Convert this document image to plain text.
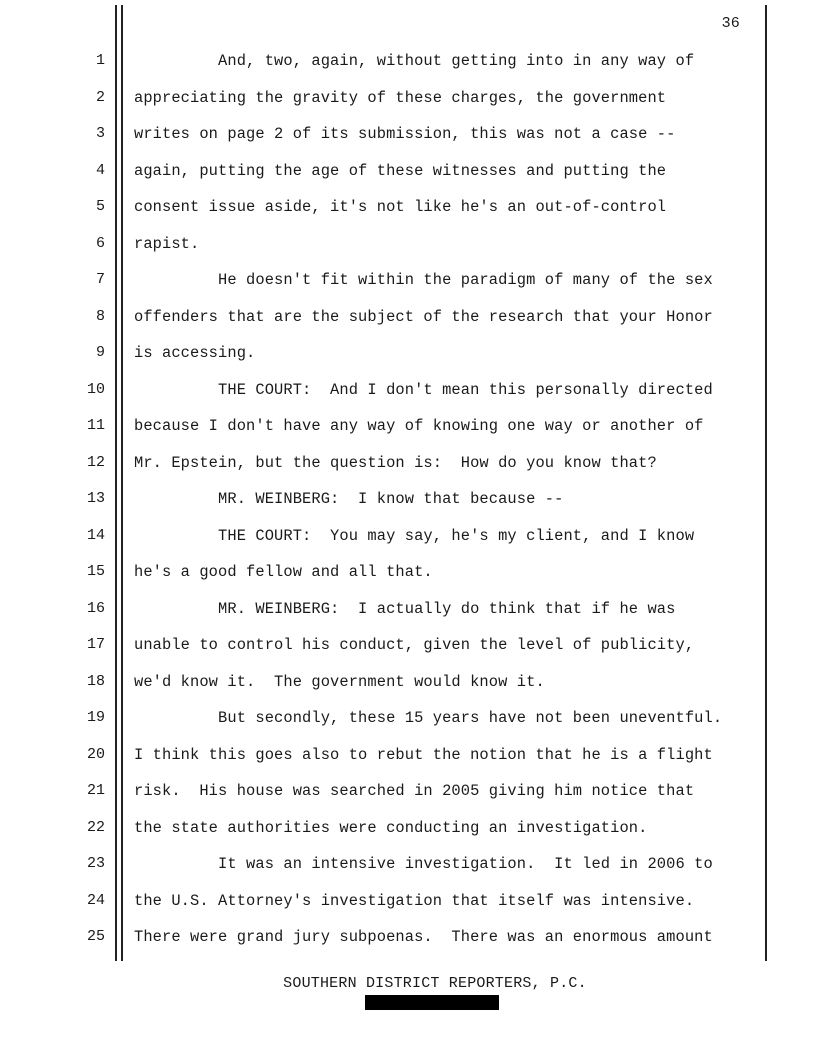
36
1 And, two, again, without getting into in any way of
2 appreciating the gravity of these charges, the government
3 writes on page 2 of its submission, this was not a case --
4 again, putting the age of these witnesses and putting the
5 consent issue aside, it's not like he's an out-of-control
6 rapist.
7 He doesn't fit within the paradigm of many of the sex
8 offenders that are the subject of the research that your Honor
9 is accessing.
10 THE COURT:  And I don't mean this personally directed
11 because I don't have any way of knowing one way or another of
12 Mr. Epstein, but the question is:  How do you know that?
13 MR. WEINBERG:  I know that because --
14 THE COURT:  You may say, he's my client, and I know
15 he's a good fellow and all that.
16 MR. WEINBERG:  I actually do think that if he was
17 unable to control his conduct, given the level of publicity,
18 we'd know it.  The government would know it.
19 But secondly, these 15 years have not been uneventful.
20 I think this goes also to rebut the notion that he is a flight
21 risk.  His house was searched in 2005 giving him notice that
22 the state authorities were conducting an investigation.
23 It was an intensive investigation.  It led in 2006 to
24 the U.S. Attorney's investigation that itself was intensive.
25 There were grand jury subpoenas.  There was an enormous amount
SOUTHERN DISTRICT REPORTERS, P.C.
